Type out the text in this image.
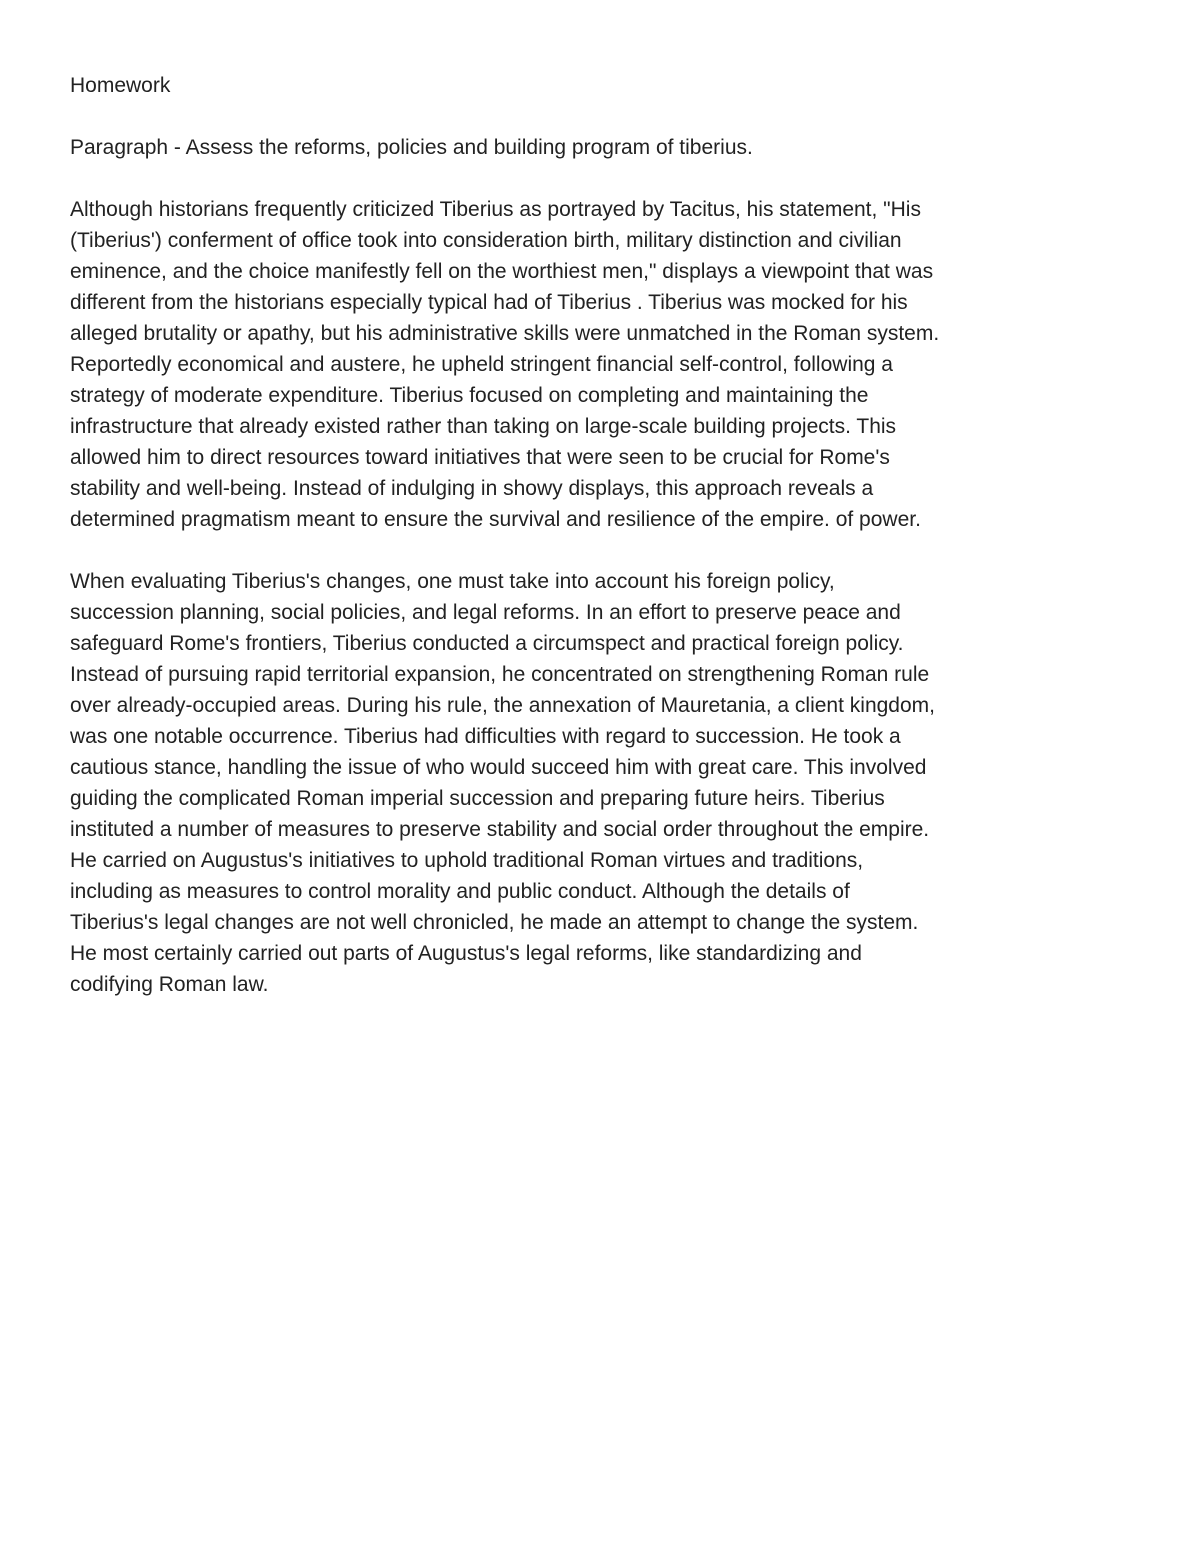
Homework

Paragraph - Assess the reforms, policies and building program of tiberius.

Although historians frequently criticized Tiberius as portrayed by Tacitus, his statement, "His
(Tiberius') conferment of office took into consideration birth, military distinction and civilian
eminence, and the choice manifestly fell on the worthiest men," displays a viewpoint that was
different from the historians especially typical had of Tiberius . Tiberius was mocked for his
alleged brutality or apathy, but his administrative skills were unmatched in the Roman system.
Reportedly economical and austere, he upheld stringent financial self-control, following a
strategy of moderate expenditure. Tiberius focused on completing and maintaining the
infrastructure that already existed rather than taking on large-scale building projects. This
allowed him to direct resources toward initiatives that were seen to be crucial for Rome's
stability and well-being. Instead of indulging in showy displays, this approach reveals a
determined pragmatism meant to ensure the survival and resilience of the empire. of power.

When evaluating Tiberius's changes, one must take into account his foreign policy,
succession planning, social policies, and legal reforms. In an effort to preserve peace and
safeguard Rome's frontiers, Tiberius conducted a circumspect and practical foreign policy.
Instead of pursuing rapid territorial expansion, he concentrated on strengthening Roman rule
over already-occupied areas. During his rule, the annexation of Mauretania, a client kingdom,
was one notable occurrence. Tiberius had difficulties with regard to succession. He took a
cautious stance, handling the issue of who would succeed him with great care. This involved
guiding the complicated Roman imperial succession and preparing future heirs. Tiberius
instituted a number of measures to preserve stability and social order throughout the empire.
He carried on Augustus's initiatives to uphold traditional Roman virtues and traditions,
including as measures to control morality and public conduct. Although the details of
Tiberius's legal changes are not well chronicled, he made an attempt to change the system.
He most certainly carried out parts of Augustus's legal reforms, like standardizing and
codifying Roman law.
